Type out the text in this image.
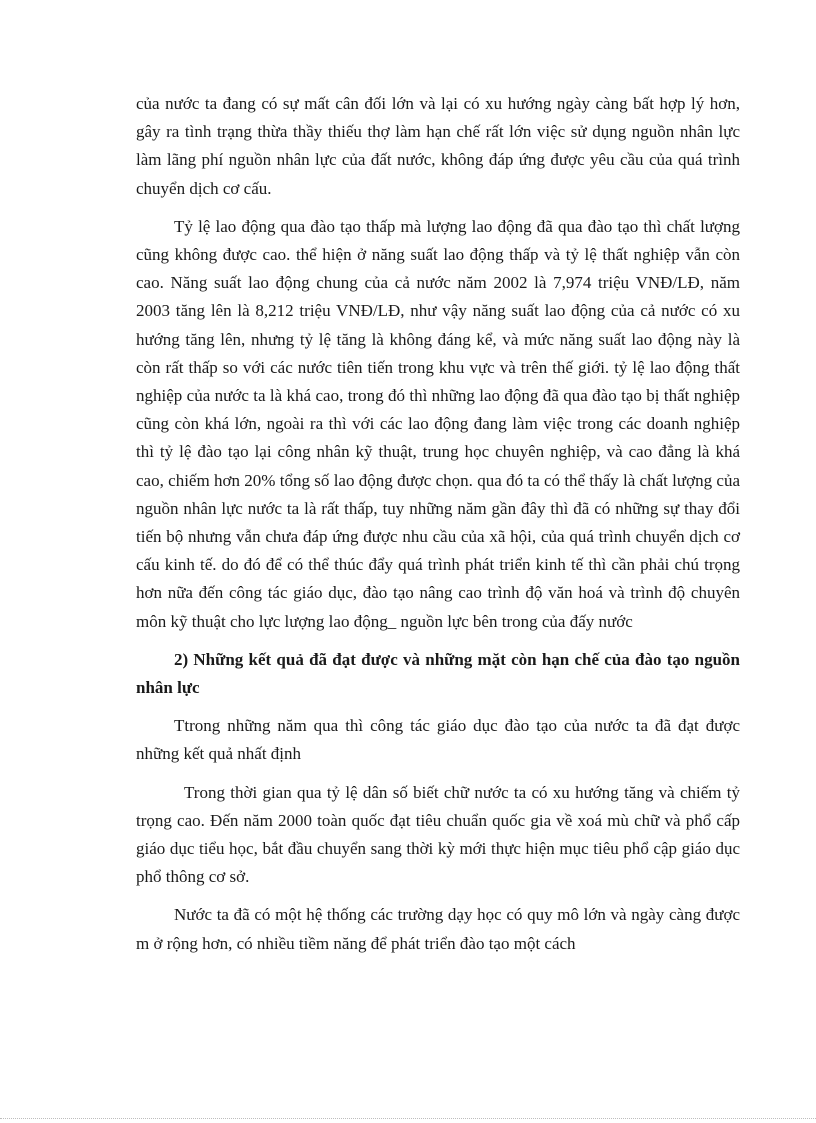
của nước ta đang có sự mất cân đối lớn và lại có xu hướng ngày càng bất hợp lý hơn, gây ra tình trạng thừa thầy thiếu thợ làm hạn chế rất lớn việc sử dụng nguồn nhân lực làm lãng phí nguồn nhân lực của đất nước, không đáp ứng được yêu cầu của quá trình chuyển dịch cơ cấu.

Tỷ lệ lao động qua đào tạo thấp mà lượng lao động đã qua đào tạo thì chất lượng cũng không được cao. thể hiện ở năng suất lao động thấp và tỷ lệ thất nghiệp vẫn còn cao. Năng suất lao động chung của cả nước năm 2002 là 7,974 triệu VNĐ/LĐ, năm 2003 tăng lên là 8,212 triệu VNĐ/LĐ, như vậy năng suất lao động của cả nước có xu hướng tăng lên, nhưng tỷ lệ tăng là không đáng kể, và mức năng suất lao động này là còn rất thấp so với các nước tiên tiến trong khu vực và trên thế giới. tỷ lệ lao động thất nghiệp của nước ta là khá cao, trong đó thì những lao động đã qua đào tạo bị thất nghiệp cũng còn khá lớn, ngoài ra thì với các lao động đang làm việc trong các doanh nghiệp thì tỷ lệ đào tạo lại công nhân kỹ thuật, trung học chuyên nghiệp, và cao đẳng là khá cao, chiếm hơn 20% tổng số lao động được chọn. qua đó ta có thể thấy là chất lượng của nguồn nhân lực nước ta là rất thấp, tuy những năm gần đây thì đã có những sự thay đổi tiến bộ nhưng vẫn chưa đáp ứng được nhu cầu của xã hội, của quá trình chuyển dịch cơ cấu kinh tế. do đó để có thể thúc đẩy quá trình phát triển kinh tế thì cần phải chú trọng hơn nữa đến công tác giáo dục, đào tạo nâng cao trình độ văn hoá và trình độ chuyên môn kỹ thuật cho lực lượng lao động_ nguồn lực bên trong của đấy nước

2) Những kết quả đã đạt được và những mặt còn hạn chế của đào tạo nguồn nhân lực

Ttrong những năm qua thì công tác giáo dục đào tạo của nước ta đã đạt được những kết quả nhất định

Trong thời gian qua tỷ lệ dân số biết chữ nước ta có xu hướng tăng và chiếm tỷ trọng cao. Đến năm 2000 toàn quốc đạt tiêu chuẩn quốc gia về xoá mù chữ và phổ cấp giáo dục tiểu học, bắt đầu chuyển sang thời kỳ mới thực hiện mục tiêu phổ cập giáo dục phổ thông cơ sở.

Nước ta đã có một hệ thống các trường dạy học có quy mô lớn và ngày càng được m ở rộng hơn, có nhiều tiềm năng để phát triển đào tạo một cách
